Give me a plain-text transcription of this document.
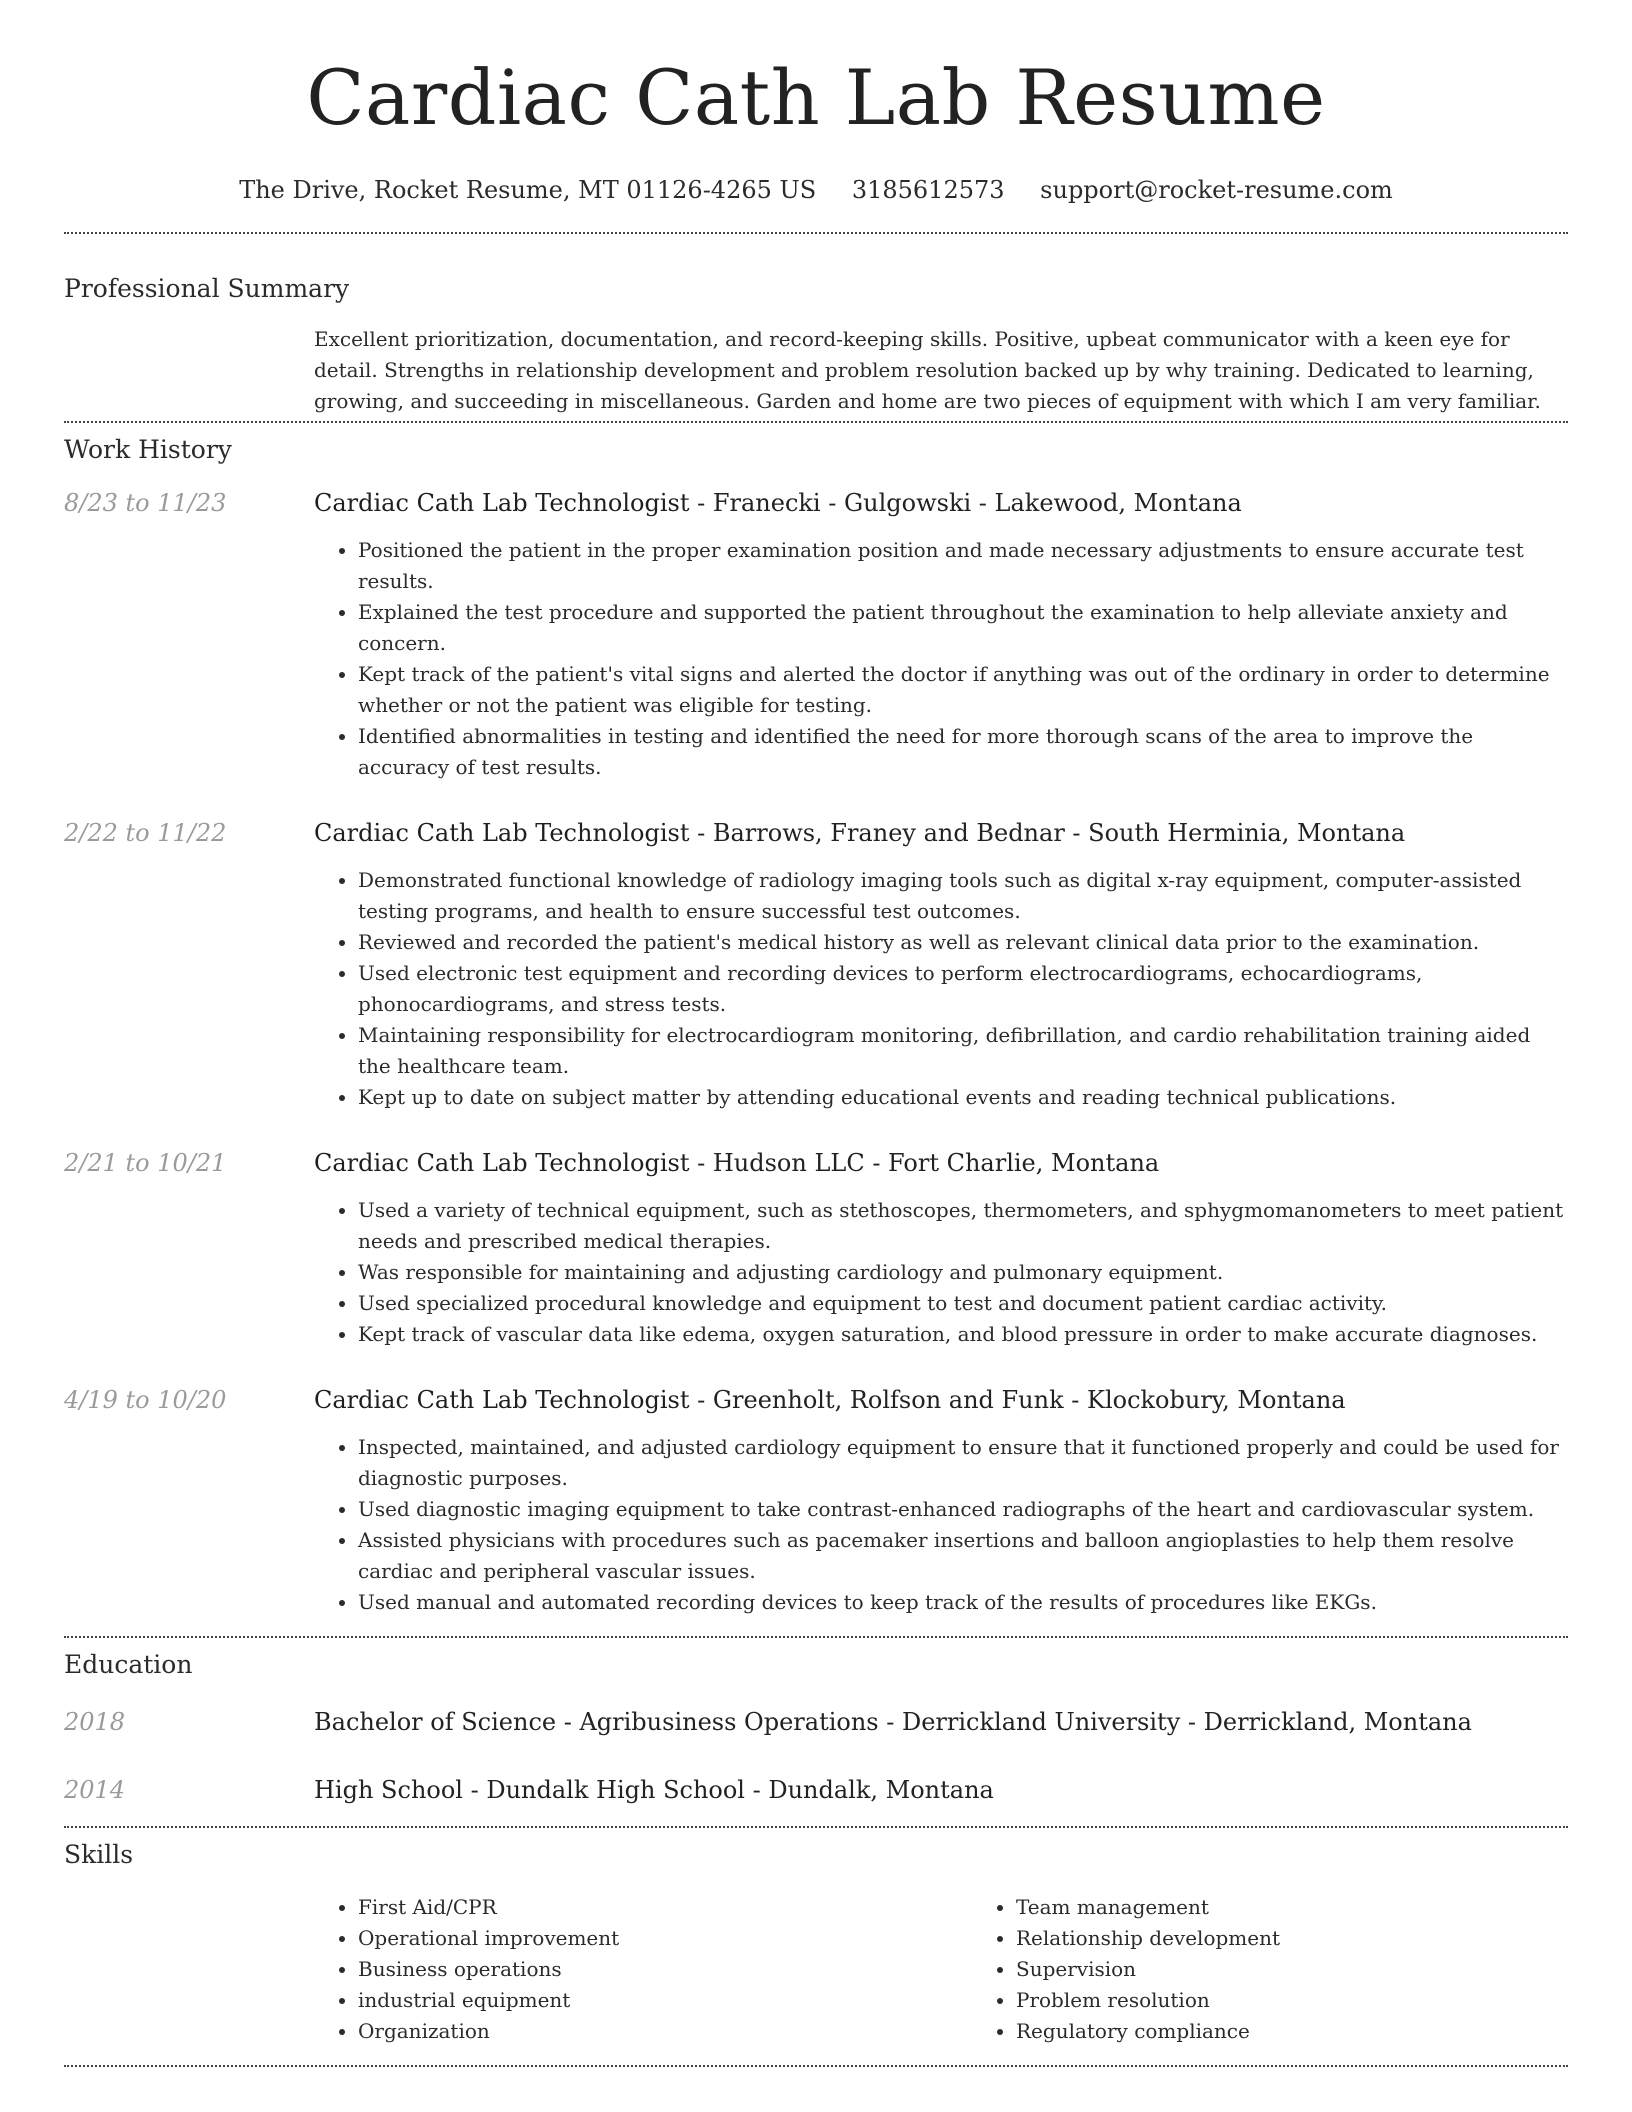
Cardiac Cath Lab Resume
The Drive, Rocket Resume, MT 01126-4265 US 3185612573 support@rocket-resume.com
Professional Summary
Excellent prioritization, documentation, and record-keeping skills. Positive, upbeat communicator with a keen eye for detail. Strengths in relationship development and problem resolution backed up by why training. Dedicated to learning, growing, and succeeding in miscellaneous. Garden and home are two pieces of equipment with which I am very familiar.
Work History
8/23 to 11/23	Cardiac Cath Lab Technologist - Franecki - Gulgowski - Lakewood, Montana
• Positioned the patient in the proper examination position and made necessary adjustments to ensure accurate test results.
• Explained the test procedure and supported the patient throughout the examination to help alleviate anxiety and concern.
• Kept track of the patient's vital signs and alerted the doctor if anything was out of the ordinary in order to determine whether or not the patient was eligible for testing.
• Identified abnormalities in testing and identified the need for more thorough scans of the area to improve the accuracy of test results.
2/22 to 11/22	Cardiac Cath Lab Technologist - Barrows, Franey and Bednar - South Herminia, Montana
• Demonstrated functional knowledge of radiology imaging tools such as digital x-ray equipment, computer-assisted testing programs, and health to ensure successful test outcomes.
• Reviewed and recorded the patient's medical history as well as relevant clinical data prior to the examination.
• Used electronic test equipment and recording devices to perform electrocardiograms, echocardiograms, phonocardiograms, and stress tests.
• Maintaining responsibility for electrocardiogram monitoring, defibrillation, and cardio rehabilitation training aided the healthcare team.
• Kept up to date on subject matter by attending educational events and reading technical publications.
2/21 to 10/21	Cardiac Cath Lab Technologist - Hudson LLC - Fort Charlie, Montana
• Used a variety of technical equipment, such as stethoscopes, thermometers, and sphygmomanometers to meet patient needs and prescribed medical therapies.
• Was responsible for maintaining and adjusting cardiology and pulmonary equipment.
• Used specialized procedural knowledge and equipment to test and document patient cardiac activity.
• Kept track of vascular data like edema, oxygen saturation, and blood pressure in order to make accurate diagnoses.
4/19 to 10/20	Cardiac Cath Lab Technologist - Greenholt, Rolfson and Funk - Klockobury, Montana
• Inspected, maintained, and adjusted cardiology equipment to ensure that it functioned properly and could be used for diagnostic purposes.
• Used diagnostic imaging equipment to take contrast-enhanced radiographs of the heart and cardiovascular system.
• Assisted physicians with procedures such as pacemaker insertions and balloon angioplasties to help them resolve cardiac and peripheral vascular issues.
• Used manual and automated recording devices to keep track of the results of procedures like EKGs.
Education
2018	Bachelor of Science - Agribusiness Operations - Derrickland University - Derrickland, Montana
2014	High School - Dundalk High School - Dundalk, Montana
Skills
• First Aid/CPR
• Operational improvement
• Business operations
• industrial equipment
• Organization
• Team management
• Relationship development
• Supervision
• Problem resolution
• Regulatory compliance
